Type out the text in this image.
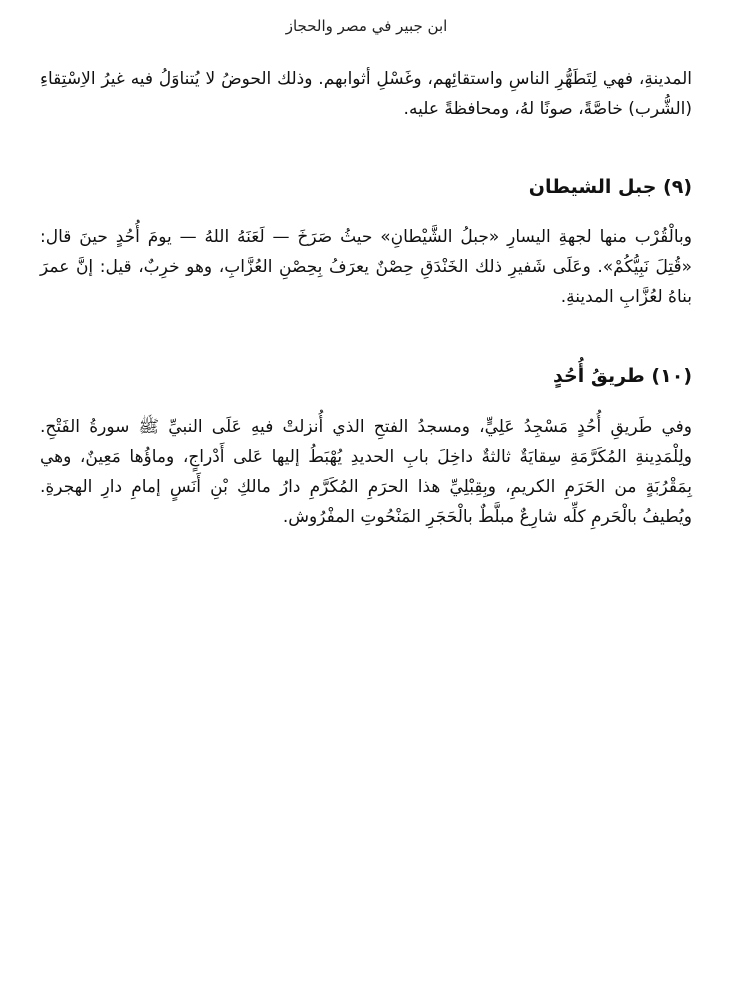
ابن جبير في مصر والحجاز

المدينةِ، فهي لِتَطَهُّرِ الناسِ واستقائِهم، وغَسْلِ أثوابهم. وذلك الحوضُ لا يُتناوَلُ فيه غيرُ الاِسْتِقاءِ (الشُّرب) خاصَّةً، صونًا لهُ، ومحافظةً عليه.

(٩) جبل الشيطان

وبالْقُرْب منها لجهةِ اليسارِ «جبلُ الشَّيْطانِ» حيثُ صَرَخَ — لَعَنَهُ اللهُ — يومَ أُحُدٍ حينَ قال: «قُتِلَ نَبِيُّكُمْ». وعَلَى شَفيرِ ذلك الخَنْدَقِ حِصْنٌ يعرَفُ بِحِصْنِ العُزَّابِ، وهو خرِبٌ، قيل: إنَّ عمرَ بناهُ لعُزَّابِ المدينةِ.

(١٠) طريقُ أُحُدٍ

وفي طَريقِ أُحُدٍ مَسْجِدُ عَلِيٍّ، ومسجدُ الفتحِ الذي أُنزلتْ فيهِ عَلَى النبيِّ ﷺ سورةُ الفَتْحِ. ولِلْمَدِينةِ المُكَرَّمَةِ سِقايَةٌ ثالثةٌ داخِلَ بابِ الحديدِ يُهْبَطُ إليها عَلى أَدْراجٍ، وماؤُها مَعِينٌ، وهي بِمَقْرُبَةٍ من الحَرَمِ الكريمِ، وبِقِبْلِيِّ هذا الحرَمِ المُكَرَّمِ دارُ مالكِ بْنِ أَنَسٍ إمامِ دارِ الهجرةِ. ويُطيفُ بالْحَرمِ كلِّه شارِعٌ مبلَّطٌ بالْحَجَرِ المَنْحُوتِ المفْرُوش.
